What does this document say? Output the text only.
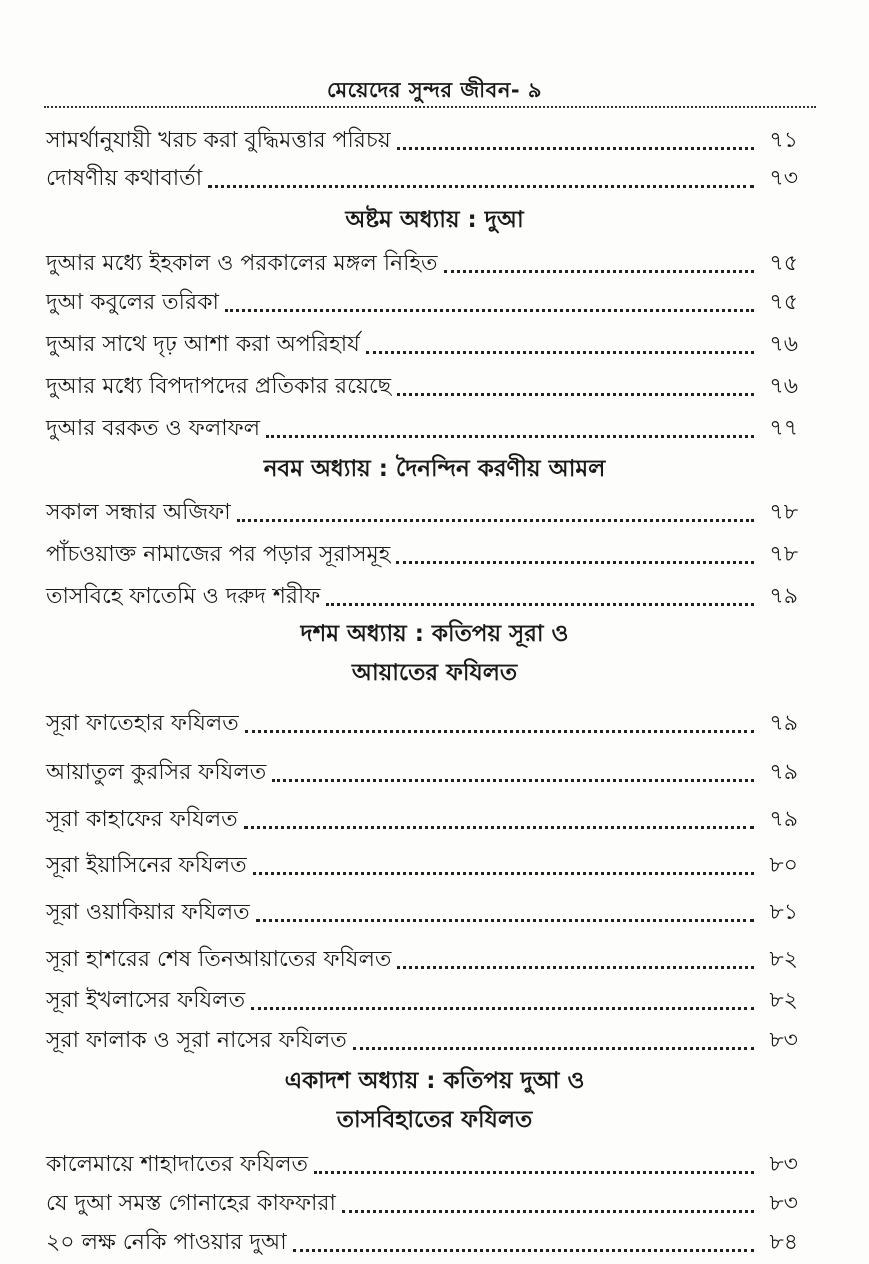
মেয়েদের সুন্দর জীবন- ৯
সামর্থানুযায়ী খরচ করা বুদ্ধিমত্তার পরিচয়	৭১
দোষণীয় কথাবার্তা	৭৩
অষ্টম অধ্যায় : দুআ
দুআর মধ্যে ইহকাল ও পরকালের মঙ্গল নিহিত	৭৫
দুআ কবুলের তরিকা	৭৫
দুআর সাথে দৃঢ় আশা করা অপরিহার্য	৭৬
দুআর মধ্যে বিপদাপদের প্রতিকার রয়েছে	৭৬
দুআর বরকত ও ফলাফল	৭৭
নবম অধ্যায় : দৈনন্দিন করণীয় আমল
সকাল সন্ধার অজিফা	৭৮
পাঁচওয়াক্ত নামাজের পর পড়ার সূরাসমূহ	৭৮
তাসবিহে ফাতেমি ও দরুদ শরীফ	৭৯
দশম অধ্যায় : কতিপয় সূরা ও
আয়াতের ফযিলত
সূরা ফাতেহার ফযিলত	৭৯
আয়াতুল কুরসির ফযিলত	৭৯
সূরা কাহাফের ফযিলত	৭৯
সূরা ইয়াসিনের ফযিলত	৮০
সূরা ওয়াকিয়ার ফযিলত	৮১
সূরা হাশরের শেষ তিনআয়াতের ফযিলত	৮২
সূরা ইখলাসের ফযিলত	৮২
সূরা ফালাক ও সূরা নাসের ফযিলত	৮৩
একাদশ অধ্যায় : কতিপয় দুআ ও
তাসবিহাতের ফযিলত
কালেমায়ে শাহাদাতের ফযিলত	৮৩
যে দুআ সমস্ত গোনাহের কাফফারা	৮৩
২০ লক্ষ নেকি পাওয়ার দুআ	৮৪
